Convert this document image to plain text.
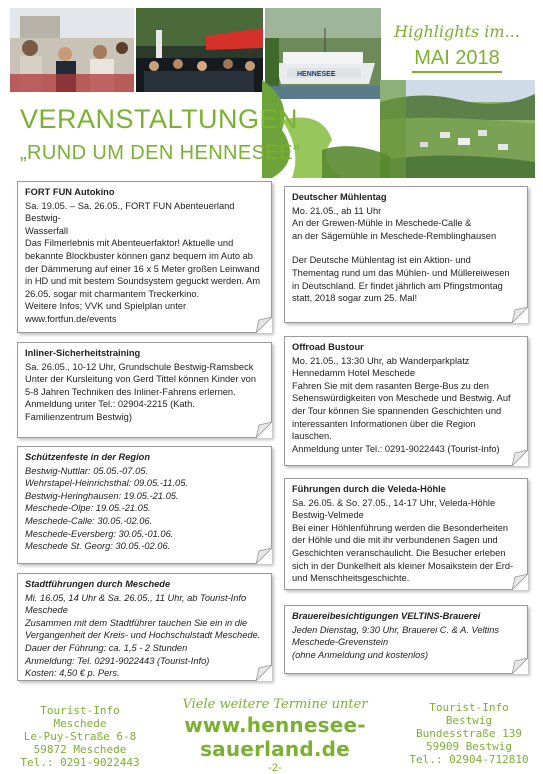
HENNESEE
Highlights im...
MAI 2018
VERANSTALTUNGEN
„RUND UM DEN HENNESEE“
FORT FUN Autokino

Sa. 19.05. – Sa. 26.05., FORT FUN Abenteuerland Bestwig-

Wasserfall

Das Filmerlebnis mit Abenteuerfaktor! Aktuelle und

bekannte Blockbuster können ganz bequem im Auto ab

der Dämmerung auf einer 16 x 5 Meter großen Leinwand

in HD und mit bestem Soundsystem geguckt werden. Am

26.05. sogar mit charmantem Treckerkino.

Weitere Infos; VVK und Spielplan unter

www.fortfun.de/events

Inliner-Sicherheitstraining

Sa. 26.05., 10-12 Uhr, Grundschule Bestwig-Ramsbeck

Unter der Kursleitung von Gerd Tittel können Kinder von

5-8 Jahren Techniken des Inliner-Fahrens erlernen.

Anmeldung unter Tel.: 02904-2215 (Kath.

Familienzentrum Bestwig)

Schützenfeste in der Region

Bestwig-Nuttlar: 05.05.-07.05.

Wehrstapel-Heinrichsthal: 09.05.-11.05.

Bestwig-Heringhausen: 19.05.-21.05.

Meschede-Olpe: 19.05.-21.05.

Meschede-Calle: 30.05.-02.06.

Meschede-Eversberg: 30.05.-01.06.

Meschede St. Georg: 30.05.-02.06.

Stadtführungen durch Meschede

Mi. 16.05, 14 Uhr & Sa. 26.05., 11 Uhr, ab Tourist-Info

Meschede

Zusammen mit dem Stadtführer tauchen Sie ein in die

Vergangenheit der Kreis- und Hochschulstadt Meschede.

Dauer der Führung: ca. 1,5 - 2 Stunden

Anmeldung: Tel. 0291-9022443 (Tourist-Info)

Kosten: 4,50 € p. Pers.

Deutscher Mühlentag

Mo. 21.05., ab 11 Uhr

An der Grewen-Mühle in Meschede-Calle &

an der Sägemühle in Meschede-Remblinghausen

Der Deutsche Mühlentag ist ein Aktion- und

Thementag rund um das Mühlen- und Müllereiwesen

in Deutschland. Er findet jährlich am Pfingstmontag

statt, 2018 sogar zum 25. Mal!

Offroad Bustour

Mo. 21.05., 13:30 Uhr, ab Wanderparkplatz

Hennedamm Hotel Meschede

Fahren Sie mit dem rasanten Berge-Bus zu den

Sehenswürdigkeiten von Meschede und Bestwig. Auf

der Tour können Sie spannenden Geschichten und

interessanten Informationen über die Region

lauschen.

Anmeldung unter Tel.: 0291-9022443 (Tourist-Info)

Führungen durch die Veleda-Höhle

Sa. 26.05. & So. 27.05., 14-17 Uhr, Veleda-Höhle

Bestwig-Velmede

Bei einer Höhlenführung werden die Besonderheiten

der Höhle und die mit ihr verbundenen Sagen und

Geschichten veranschaulicht. Die Besucher erleben

sich in der Dunkelheit als kleiner Mosaikstein der Erd-

und Menschheitsgeschichte.

Brauereibesichtigungen VELTINS-Brauerei

Jeden Dienstag, 9:30 Uhr, Brauerei C. & A. Veltins

Meschede-Grevenstein

(ohne Anmeldung und kostenlos)

Tourist-Info Meschede
Le-Puy-Straße 6-8
59872 Meschede
Tel.: 0291-9022443
Viele weitere Termine unter
www.hennesee-sauerland.de
-2-
Tourist-Info Bestwig
Bundesstraße 139
59909 Bestwig
Tel.: 02904-712810
